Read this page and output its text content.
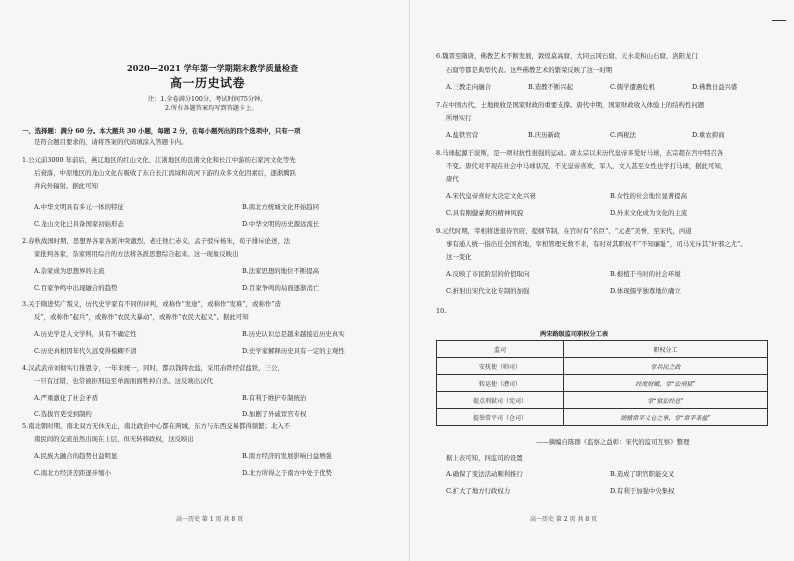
2020—2021 学年第一学期期末教学质量检查
高一历史试卷
注：1.全卷满分100分，考试时间75分钟。
2.所有各题答案均写到答题卡上。
一、选择题：满分 60 分。本大题共 30 小题，每题 2 分，在每小题列出的四个选项中，只有一项
是符合题目要求的，请将答案的代码填涂入答题卡内。
1.公元前3000 年前后，燕辽地区的红山文化、江浙地区的良渚文化和长江中游的石家河文化等先
后衰落，中原地区的龙山文化在吸收了东自长江流域和黄河下游的众多文化因素后，逐渐腾跃
并向外辐射。据此可知
A.中华文明具有多元一体的特征	B.南北方统城文化开始趋同
C.龙山文化已具备国家初始形态	D.中华文明的历史源远流长
2.春秋战国时期，思想界各家各派冲突激烈，老庄他仁赤义，孟子驳斥杨朱，荀子排斥论述，法
家批判各家，杂家则用综合的方法将各派思想综合起来。这一现象反映出
A.杂家成为思想界的主流	B.法家思想的地位不断提高
C.百家争鸣中出现融合的趋势	D.百家争鸣的局面逐渐消亡
3.关于隋进奖广叛义，历代史学家有不同的评判，或称作“发途”，或称作“发难”，或称作“造
反”，或称作“起兵”，或称作“农民大暴动”，或称作“农民大起义”。据此可知
A.历史学是人文学科，具有不确定性	B.历史认识总是越来越接近历史真实
C.历史真相因年代久远变得模糊不清	D.史学家解释历史具有一定的主观性
4.汉武武帝刘彻实行推恩令，一年来统一，同时，都以钱铸农盐，采用冶铁经营盐铁，三公，
一旦有过错，也常被拒刑迫至单面面面牲掉自杀。这反映出汉代
A.严重激化了社会矛盾	B.有利于维护专制统治
C.选拔官吏受到制约	D.加剧了外戚宦官专权
5.南北朝时期，南北双方无休无止，南北政治中心都在两城，东方与东西交易都得频繁；北入不
南民间的交流虽然出现在上层，但无转移政权，这反映出
A.民族大融合的趋势日益明显	B.南方经济的发展影响日益增强
C.南北方经济差距逐步缩小	D.北方所得之于南方中处于优势
高一历史 第 1 页 共 8 页
6.魏晋至隋唐，佛教艺术不断发展，敦煌莫高窟、大同云冈石窟、天水麦积山石窟、洛阳龙门
石窟等都是典型代表。这些佛教艺术的繁荣反映了这一时期
A.三教走向融合	B.造教不断兴起	C.儒学遭遇危机	D.佛教日益兴盛
7.在中国古代，土地税收是国家财政的重要支撑。唐代中期，国家财政收入体验上的结构性问题
所增实行
A.盐铁官营	B.庆历新政	C.两税法	D.重农抑商
8.马球起源于波斯，是一项对抗性很强的运动。唐太宗以来历代皇帝多爱好马球，玄宗超在宫中特召各
不变。唐代对平现在社会中马球状况，不光皇帝喜欢，军人、文人甚至女性也学打马球，据此可知，
唐代
A.宋代皇帝喜好大决定文化兴衰	B.女性的社会地位显著提高
C.具有刚健豪爽的精神风貌	D.外来文化成为文化的主流
9.元代时期，宰相将进退侍官府，提纲节制，在官时有“名臣”、“元老”美誉，至宋代，丙道
事有通人统一指出任全国省地，宰相管理无数不来，有时对其职权不“不知廉耻”，司马光斥其“奸邪之尤”。
这一变化
A.反映了市民阶层的价值取向	B.根植于当时的社会环境
C.折射出宋代文化专制的加强	D.体现儒学独尊地位确立
10.
两宋路级监司职权分工表
监司	职权分工
安抚使（帅司）	掌兵民之政
转运使（漕司）	经度财赋，掌“讼刑狱”
提点刑狱司（宪司）	掌“狱讼经总”
提举常平司（仓司）	统辖常平义仓之事，掌“常平茶盐”
——摘编自陈群《监察之益彰：宋代的监司互察》整理
据上表可知，四监司的设置
A.确保了变法活动顺利推行	B.造成了职官职能交叉
C.扩大了地方行政权力	D.有利于加强中央集权
高一历史 第 2 页 共 8 页
